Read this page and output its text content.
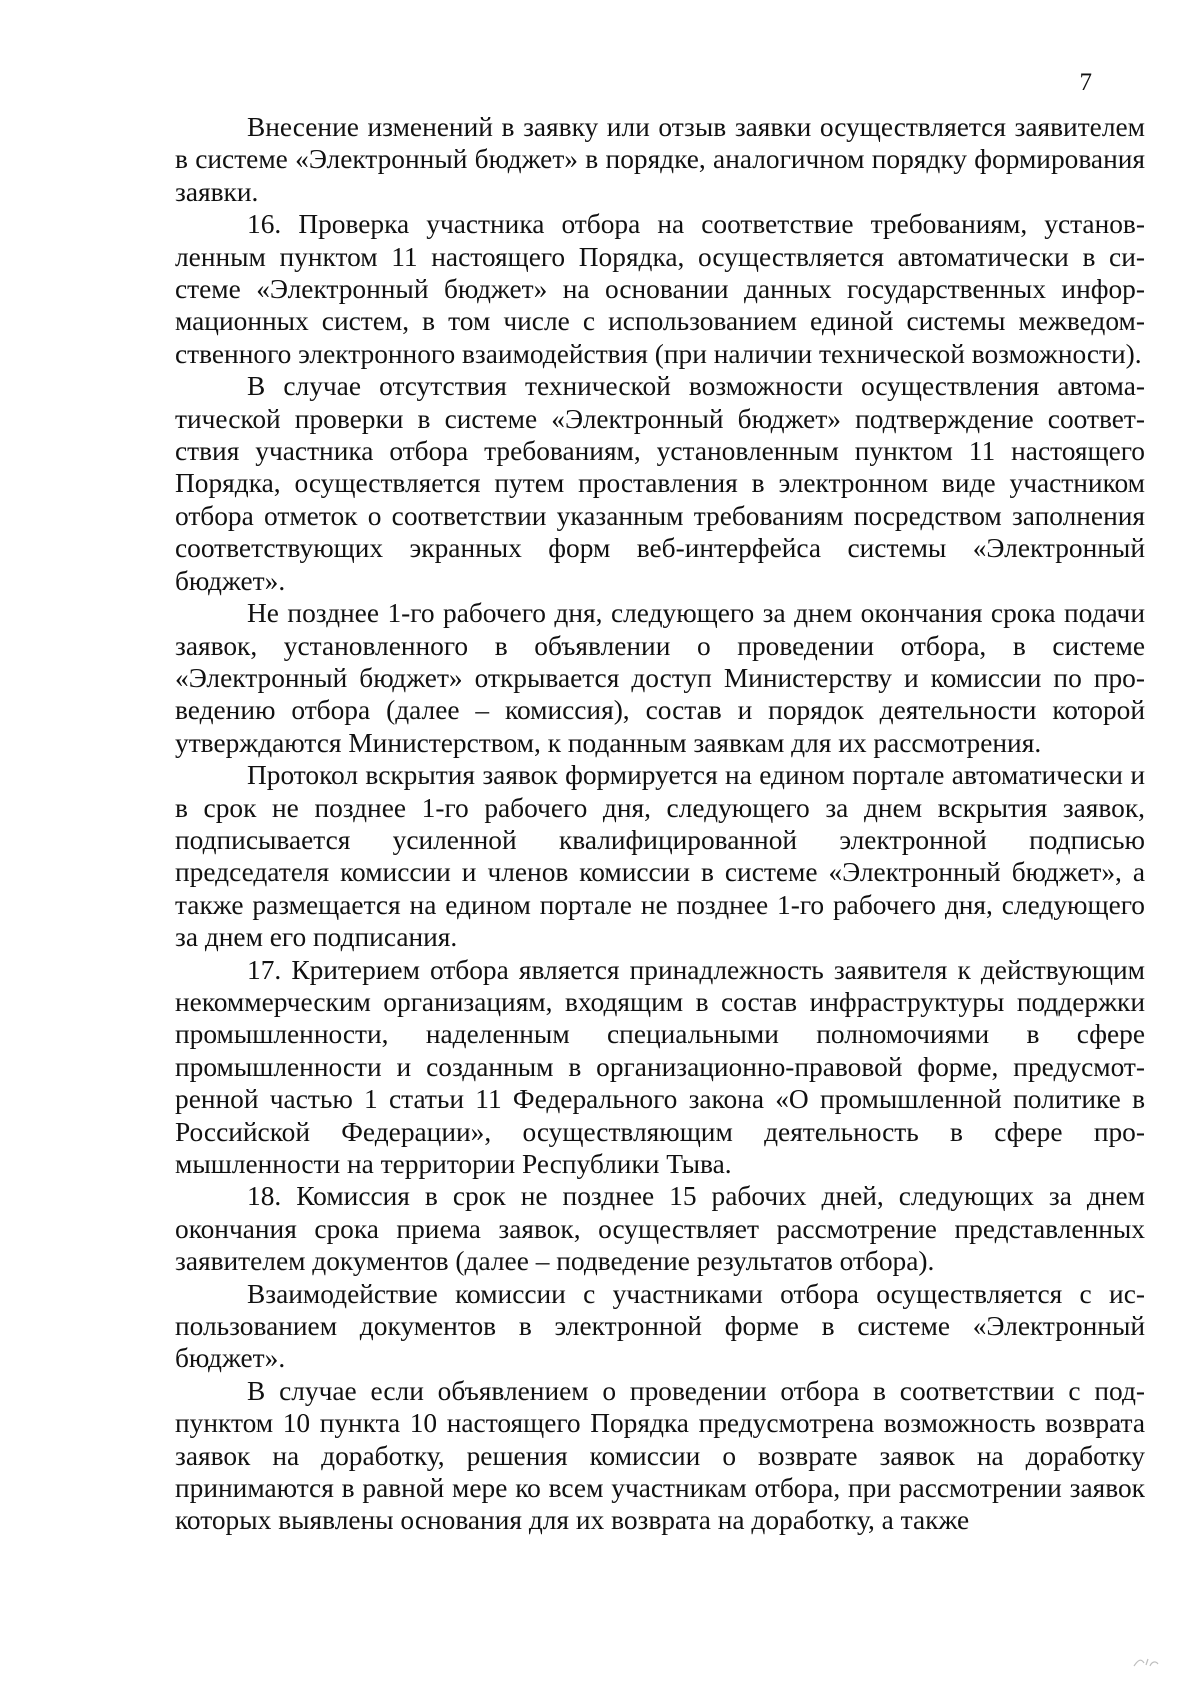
7

Внесение изменений в заявку или отзыв заявки осуществляется заявителем в системе «Электронный бюджет» в порядке, аналогичном порядку формирования заявки.

16. Проверка участника отбора на соответствие требованиям, установленным пунктом 11 настоящего Порядка, осуществляется автоматически в системе «Электронный бюджет» на основании данных государственных информационных систем, в том числе с использованием единой системы межведомственного электронного взаимодействия (при наличии технической возможности).

В случае отсутствия технической возможности осуществления автоматической проверки в системе «Электронный бюджет» подтверждение соответствия участника отбора требованиям, установленным пунктом 11 настоящего Порядка, осуществляется путем проставления в электронном виде участником отбора отметок о соответствии указанным требованиям посредством заполнения соответствующих экранных форм веб-интерфейса системы «Электронный бюджет».

Не позднее 1-го рабочего дня, следующего за днем окончания срока подачи заявок, установленного в объявлении о проведении отбора, в системе «Электронный бюджет» открывается доступ Министерству и комиссии по проведению отбора (далее – комиссия), состав и порядок деятельности которой утверждаются Министерством, к поданным заявкам для их рассмотрения.

Протокол вскрытия заявок формируется на едином портале автоматически и в срок не позднее 1-го рабочего дня, следующего за днем вскрытия заявок, подписывается усиленной квалифицированной электронной подписью председателя комиссии и членов комиссии в системе «Электронный бюджет», а также размещается на едином портале не позднее 1-го рабочего дня, следующего за днем его подписания.

17. Критерием отбора является принадлежность заявителя к действующим некоммерческим организациям, входящим в состав инфраструктуры поддержки промышленности, наделенным специальными полномочиями в сфере промышленности и созданным в организационно-правовой форме, предусмотренной частью 1 статьи 11 Федерального закона «О промышленной политике в Российской Федерации», осуществляющим деятельность в сфере промышленности на территории Республики Тыва.

18. Комиссия в срок не позднее 15 рабочих дней, следующих за днем окончания срока приема заявок, осуществляет рассмотрение представленных заявителем документов (далее – подведение результатов отбора).

Взаимодействие комиссии с участниками отбора осуществляется с использованием документов в электронной форме в системе «Электронный бюджет».

В случае если объявлением о проведении отбора в соответствии с подпунктом 10 пункта 10 настоящего Порядка предусмотрена возможность возврата заявок на доработку, решения комиссии о возврате заявок на доработку принимаются в равной мере ко всем участникам отбора, при рассмотрении заявок которых выявлены основания для их возврата на доработку, а также
